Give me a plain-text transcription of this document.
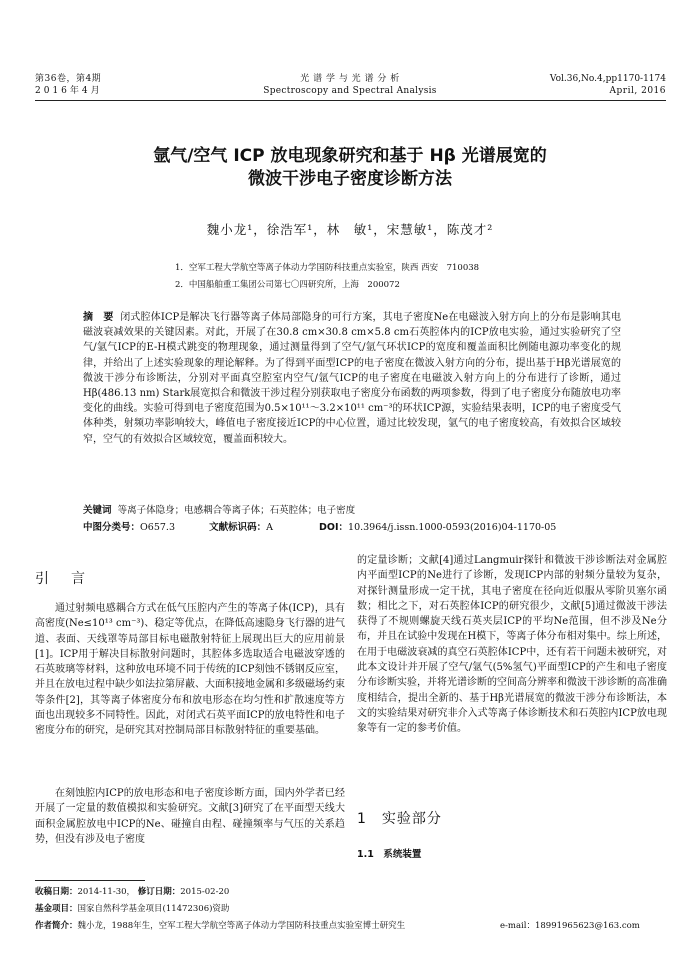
第36卷，第4期
2016年4月
光 谱 学 与 光 谱 分 析
Spectroscopy and Spectral Analysis
Vol.36,No.4,pp1170-1174
April, 2016
氩气/空气 ICP 放电现象研究和基于 Hβ 光谱展宽的
微波干涉电子密度诊断方法
魏小龙¹，徐浩军¹，林　敏¹，宋慧敏¹，陈茂才²
1．空军工程大学航空等离子体动力学国防科技重点实验室，陕西 西安　710038
2．中国船舶重工集团公司第七〇四研究所，上海　200072
摘　要 闭式腔体ICP是解决飞行器等离子体局部隐身的可行方案，其电子密度Ne在电磁波入射方向上的分布是影响其电磁波衰减效果的关键因素。对此，开展了在30.8 cm×30.8 cm×5.8 cm石英腔体内的ICP放电实验，通过实验研究了空气/氩气ICP的E-H模式跳变的物理现象，通过测量得到了空气/氩气环状ICP的宽度和覆盖面积比例随电源功率变化的规律，并给出了上述实验现象的理论解释。为了得到平面型ICP的电子密度在微波入射方向的分布，提出基于Hβ光谱展宽的微波干涉分布诊断法，分别对平面真空腔室内空气/氩气ICP的电子密度在电磁波入射方向上的分布进行了诊断，通过Hβ(486.13 nm) Stark展宽拟合和微波干涉过程分别获取电子密度分布函数的两项参数，得到了电子密度分布随放电功率变化的曲线。实验可得到电子密度范围为0.5×10¹¹～3.2×10¹¹ cm⁻³的环状ICP源，实验结果表明，ICP的电子密度受气体种类，射频功率影响较大，峰值电子密度接近ICP的中心位置，通过比较发现，氩气的电子密度较高，有效拟合区域较窄，空气的有效拟合区域较宽，覆盖面积较大。
关键词 等离子体隐身；电感耦合等离子体；石英腔体；电子密度
中图分类号：O657.3	文献标识码：A	DOI：10.3964/j.issn.1000-0593(2016)04-1170-05
引　言
通过射频电感耦合方式在低气压腔内产生的等离子体(ICP)，具有高密度(Ne≤10¹³ cm⁻³)、稳定等优点，在降低高速隐身飞行器的进气道、表面、天线罩等局部目标电磁散射特征上展现出巨大的应用前景[1]。ICP用于解决目标散射问题时，其腔体多选取适合电磁波穿透的石英玻璃等材料，这种放电环境不同于传统的ICP刻蚀不锈钢反应室，并且在放电过程中缺少如法拉第屏蔽、大面积接地金属和多级磁场约束等条件[2]，其等离子体密度分布和放电形态在均匀性和扩散速度等方面也出现较多不同特性。因此，对闭式石英平面ICP的放电特性和电子密度分布的研究，是研究其对控制局部目标散射特征的重要基础。
在刻蚀腔内ICP的放电形态和电子密度诊断方面，国内外学者已经开展了一定量的数值模拟和实验研究。文献[3]研究了在平面型天线大面积金属腔放电中ICP的Ne、碰撞自由程、碰撞频率与气压的关系趋势，但没有涉及电子密度
的定量诊断；文献[4]通过Langmuir探针和微波干涉诊断法对金属腔内平面型ICP的Ne进行了诊断，发现ICP内部的射频分量较为复杂，对探针测量形成一定干扰，其电子密度在径向近似服从零阶贝塞尔函数；相比之下，对石英腔体ICP的研究很少，文献[5]通过微波干涉法获得了不规则螺旋天线石英夹层ICP的平均Ne范围，但不涉及Ne分布，并且在试验中发现在H模下，等离子体分布相对集中。综上所述，在用于电磁波衰减的真空石英腔体ICP中，还有若干问题未被研究，对此本文设计并开展了空气/氩气(5%氢气)平面型ICP的产生和电子密度分布诊断实验，并将光谱诊断的空间高分辨率和微波干涉诊断的高准确度相结合，提出全新的、基于Hβ光谱展宽的微波干涉分布诊断法，本文的实验结果对研究非介入式等离子体诊断技术和石英腔内ICP放电现象等有一定的参考价值。
1　实验部分
1.1　系统装置
收稿日期：2014-11-30， 修订日期：2015-02-20
基金项目：国家自然科学基金项目(11472306)资助
作者简介：魏小龙，1988年生，空军工程大学航空等离子体动力学国防科技重点实验室博士研究生	e-mail：18991965623@163.com
